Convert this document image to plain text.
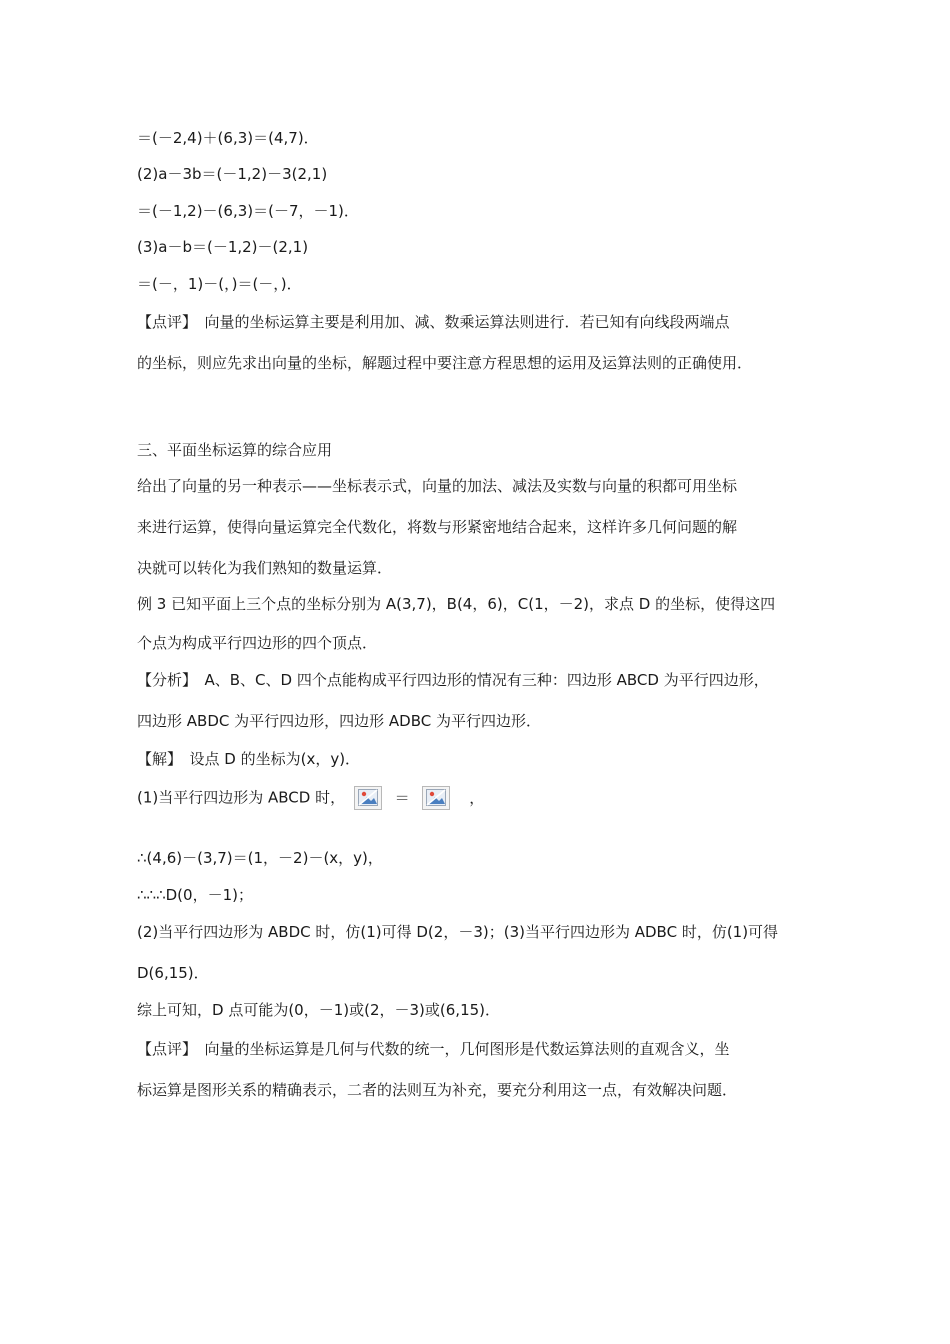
＝(－2,4)＋(6,3)＝(4,7)．
(2)a－3b＝(－1,2)－3(2,1)
＝(－1,2)－(6,3)＝(－7，－1)．
(3)a－b＝(－1,2)－(2,1)
＝(－，1)－(，)＝(－，)．
【点评】　向量的坐标运算主要是利用加、减、数乘运算法则进行．若已知有向线段两端点
的坐标，则应先求出向量的坐标，解题过程中要注意方程思想的运用及运算法则的正确使用．
三、平面坐标运算的综合应用
给出了向量的另一种表示——坐标表示式，向量的加法、减法及实数与向量的积都可用坐标
来进行运算，使得向量运算完全代数化，将数与形紧密地结合起来，这样许多几何问题的解
决就可以转化为我们熟知的数量运算．
例 3 已知平面上三个点的坐标分别为 A(3,7)，B(4，6)，C(1，－2)，求点 D 的坐标，使得这四
个点为构成平行四边形的四个顶点．
【分析】　A、B、C、D 四个点能构成平行四边形的情况有三种：四边形 ABCD 为平行四边形，
四边形 ABDC 为平行四边形，四边形 ADBC 为平行四边形．
【解】　设点 D 的坐标为(x，y)．
(1)当平行四边形为 ABCD 时，	＝	，
∴(4,6)－(3,7)＝(1，－2)－(x，y)，
∴∴∴D(0，－1)；
(2)当平行四边形为 ABDC 时，仿(1)可得 D(2，－3)；(3)当平行四边形为 ADBC 时，仿(1)可得
D(6,15)．
综上可知，D 点可能为(0，－1)或(2，－3)或(6,15)．
【点评】　向量的坐标运算是几何与代数的统一，几何图形是代数运算法则的直观含义，坐
标运算是图形关系的精确表示，二者的法则互为补充，要充分利用这一点，有效解决问题．
